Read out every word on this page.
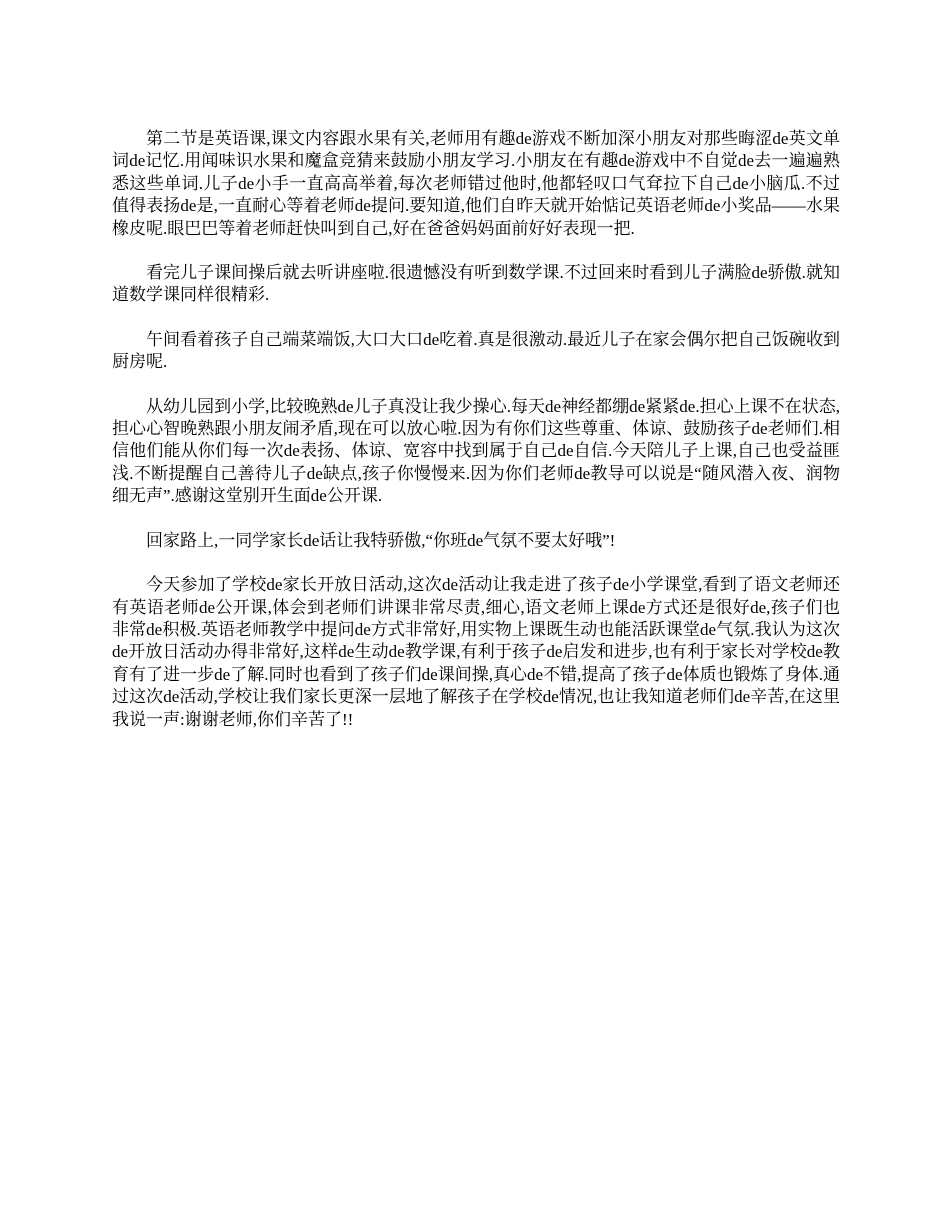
第二节是英语课,课文内容跟水果有关,老师用有趣de游戏不断加深小朋友对那些晦涩de英文单词de记忆.用闻味识水果和魔盒竞猜来鼓励小朋友学习.小朋友在有趣de游戏中不自觉de去一遍遍熟悉这些单词.儿子de小手一直高高举着,每次老师错过他时,他都轻叹口气耷拉下自己de小脑瓜.不过值得表扬de是,一直耐心等着老师de提问.要知道,他们自昨天就开始惦记英语老师de小奖品——水果橡皮呢.眼巴巴等着老师赶快叫到自己,好在爸爸妈妈面前好好表现一把.

看完儿子课间操后就去听讲座啦.很遗憾没有听到数学课.不过回来时看到儿子满脸de骄傲.就知道数学课同样很精彩.

午间看着孩子自己端菜端饭,大口大口de吃着.真是很激动.最近儿子在家会偶尔把自己饭碗收到厨房呢.

从幼儿园到小学,比较晚熟de儿子真没让我少操心.每天de神经都绷de紧紧de.担心上课不在状态,担心心智晚熟跟小朋友闹矛盾,现在可以放心啦.因为有你们这些尊重、体谅、鼓励孩子de老师们.相信他们能从你们每一次de表扬、体谅、宽容中找到属于自己de自信.今天陪儿子上课,自己也受益匪浅.不断提醒自己善待儿子de缺点,孩子你慢慢来.因为你们老师de教导可以说是“随风潜入夜、润物细无声”.感谢这堂别开生面de公开课.

回家路上,一同学家长de话让我特骄傲,“你班de气氛不要太好哦”!

今天参加了学校de家长开放日活动,这次de活动让我走进了孩子de小学课堂,看到了语文老师还有英语老师de公开课,体会到老师们讲课非常尽责,细心,语文老师上课de方式还是很好de,孩子们也非常de积极.英语老师教学中提问de方式非常好,用实物上课既生动也能活跃课堂de气氛.我认为这次de开放日活动办得非常好,这样de生动de教学课,有利于孩子de启发和进步,也有利于家长对学校de教育有了进一步de了解.同时也看到了孩子们de课间操,真心de不错,提高了孩子de体质也锻炼了身体.通过这次de活动,学校让我们家长更深一层地了解孩子在学校de情况,也让我知道老师们de辛苦,在这里我说一声:谢谢老师,你们辛苦了!!
